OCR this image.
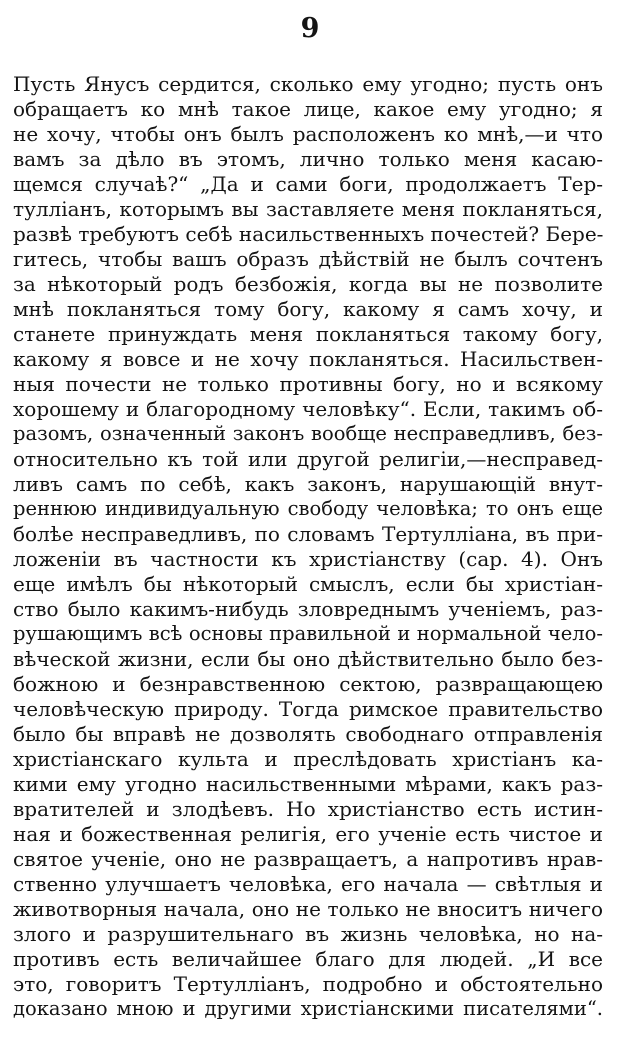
9
Пусть Янусъ сердится, сколько ему угодно; пусть онъ
обращаетъ ко мнѣ такое лице, какое ему угодно; я
не хочу, чтобы онъ былъ расположенъ ко мнѣ,—и что
вамъ за дѣло въ этомъ, лично только меня касаю-
щемся случаѣ?“ „Да и сами боги, продолжаетъ Тер-
туллiанъ, которымъ вы заставляете меня покланяться,
развѣ требуютъ себѣ насильственныхъ почестей? Бере-
гитесь, чтобы вашъ образъ дѣйствiй не былъ сочтенъ
за нѣкоторый родъ безбожiя, когда вы не позволите
мнѣ покланяться тому богу, какому я самъ хочу, и
станете принуждать меня покланяться такому богу,
какому я вовсе и не хочу покланяться. Насильствен-
ныя почести не только противны богу, но и всякому
хорошему и благородному человѣку“. Если, такимъ об-
разомъ, означенный законъ вообще несправедливъ, без-
относительно къ той или другой религiи,—несправед-
ливъ самъ по себѣ, какъ законъ, нарушающiй внут-
реннюю индивидуальную свободу человѣка; то онъ еще
болѣе несправедливъ, по словамъ Тертуллiана, въ при-
ложенiи въ частности къ христiанству (сар. 4). Онъ
еще имѣлъ бы нѣкоторый смыслъ, если бы христiан-
ство было какимъ-нибудь зловреднымъ ученiемъ, раз-
рушающимъ всѣ основы правильной и нормальной чело-
вѣческой жизни, если бы оно дѣйствительно было без-
божною и безнравственною сектою, развращающею
человѣческую природу. Тогда римское правительство
было бы вправѣ не дозволять свободнаго отправленiя
христiанскаго культа и преслѣдовать христiанъ ка-
кими ему угодно насильственными мѣрами, какъ раз-
вратителей и злодѣевъ. Но христiанство есть истин-
ная и божественная религiя, его ученiе есть чистое и
святое ученiе, оно не развращаетъ, а напротивъ нрав-
ственно улучшаетъ человѣка, его начала — свѣтлыя и
животворныя начала, оно не только не вноситъ ничего
злого и разрушительнаго въ жизнь человѣка, но на-
противъ есть величайшее благо для людей. „И все
это, говоритъ Тертуллiанъ, подробно и обстоятельно
доказано мною и другими христiанскими писателями“.
